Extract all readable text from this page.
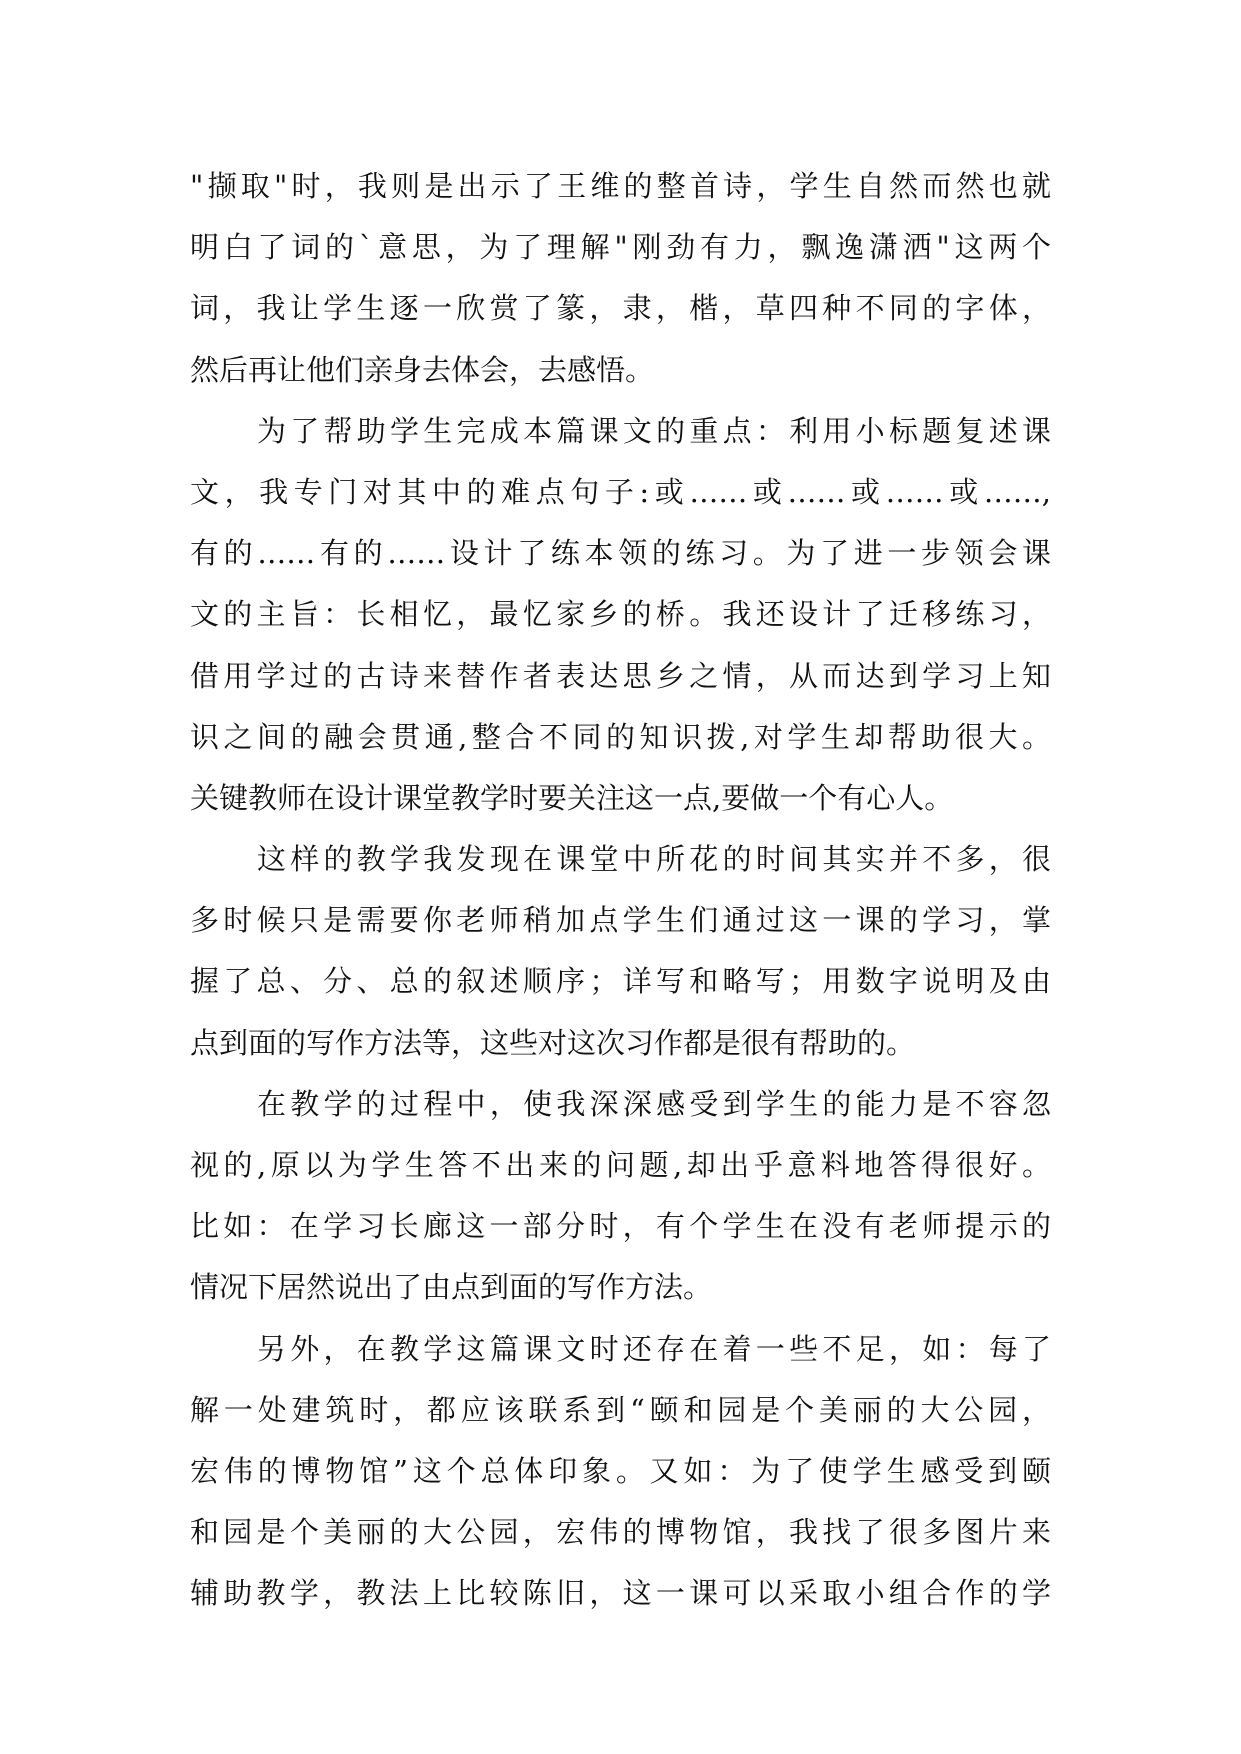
"撷取"时，我则是出示了王维的整首诗，学生自然而然也就
明白了词的`意思，为了理解"刚劲有力，飘逸潇洒"这两个
词，我让学生逐一欣赏了篆，隶，楷，草四种不同的字体，
然后再让他们亲身去体会，去感悟。

为了帮助学生完成本篇课文的重点：利用小标题复述课
文，我专门对其中的难点句子:或……或……或……或……,
有的……有的……设计了练本领的练习。为了进一步领会课
文的主旨：长相忆，最忆家乡的桥。我还设计了迁移练习，
借用学过的古诗来替作者表达思乡之情，从而达到学习上知
识之间的融会贯通,整合不同的知识拨,对学生却帮助很大。
关键教师在设计课堂教学时要关注这一点,要做一个有心人。

这样的教学我发现在课堂中所花的时间其实并不多，很
多时候只是需要你老师稍加点学生们通过这一课的学习，掌
握了总、分、总的叙述顺序；详写和略写；用数字说明及由
点到面的写作方法等，这些对这次习作都是很有帮助的。

在教学的过程中，使我深深感受到学生的能力是不容忽
视的,原以为学生答不出来的问题,却出乎意料地答得很好。
比如：在学习长廊这一部分时，有个学生在没有老师提示的
情况下居然说出了由点到面的写作方法。

另外，在教学这篇课文时还存在着一些不足，如：每了
解一处建筑时，都应该联系到“颐和园是个美丽的大公园，
宏伟的博物馆”这个总体印象。又如：为了使学生感受到颐
和园是个美丽的大公园，宏伟的博物馆，我找了很多图片来
辅助教学，教法上比较陈旧，这一课可以采取小组合作的学
